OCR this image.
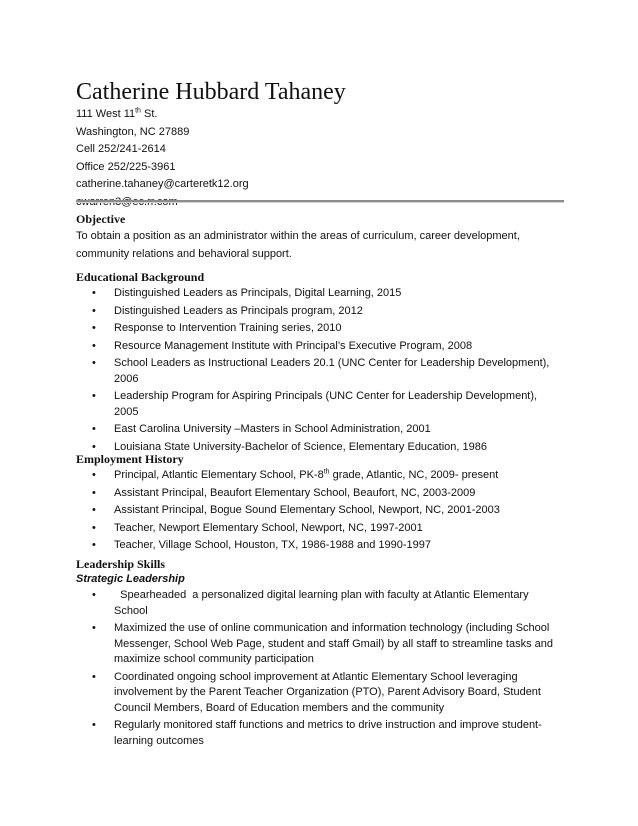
Catherine Hubbard Tahaney
111 West 11th St.
Washington, NC 27889
Cell 252/241-2614
Office 252/225-3961
catherine.tahaney@carteretk12.org
Objective
To obtain a position as an administrator within the areas of curriculum, career development, community relations and behavioral support.
Educational Background
• Distinguished Leaders as Principals, Digital Learning, 2015
• Distinguished Leaders as Principals program, 2012
• Response to Intervention Training series, 2010
• Resource Management Institute with Principal’s Executive Program, 2008
• School Leaders as Instructional Leaders 20.1 (UNC Center for Leadership Development), 2006
• Leadership Program for Aspiring Principals (UNC Center for Leadership Development), 2005
• East Carolina University –Masters in School Administration, 2001
• Louisiana State University-Bachelor of Science, Elementary Education, 1986
Employment History
• Principal, Atlantic Elementary School, PK-8th grade, Atlantic, NC, 2009- present
• Assistant Principal, Beaufort Elementary School, Beaufort, NC, 2003-2009
• Assistant Principal, Bogue Sound Elementary School, Newport, NC, 2001-2003
• Teacher, Newport Elementary School, Newport, NC, 1997-2001
• Teacher, Village School, Houston, TX, 1986-1988 and 1990-1997
Leadership Skills
Strategic Leadership
•   Spearheaded  a personalized digital learning plan with faculty at Atlantic Elementary School
• Maximized the use of online communication and information technology (including School Messenger, School Web Page, student and staff Gmail) by all staff to streamline tasks and maximize school community participation
• Coordinated ongoing school improvement at Atlantic Elementary School leveraging involvement by the Parent Teacher Organization (PTO), Parent Advisory Board, Student Council Members, Board of Education members and the community
• Regularly monitored staff functions and metrics to drive instruction and improve student-learning outcomes
